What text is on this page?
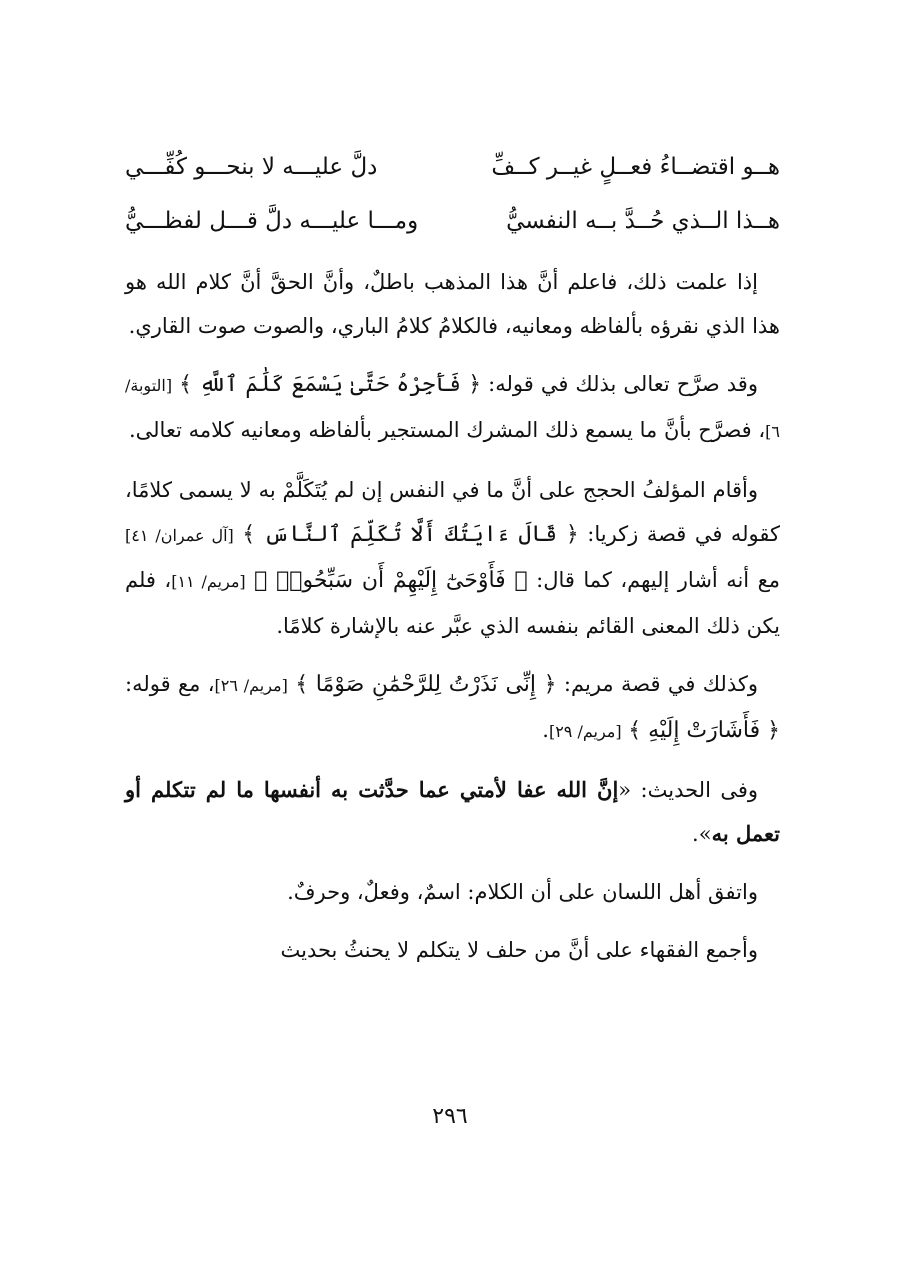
هــو اقتضــاءُ فعــلٍ غيــر كــفِّ
دلَّ عليـــه لا بنحـــو كُفِّـــي
هــذا الــذي حُــدَّ بــه النفسيُّ
ومـــا عليـــه دلَّ قـــل لفظـــيُّ

إذا علمت ذلك، فاعلم أنَّ هذا المذهب باطلٌ، وأنَّ الحقَّ أنَّ كلام الله هو هذا الذي نقرؤه بألفاظه ومعانيه، فالكلامُ كلامُ الباري، والصوت صوت القاري.

وقد صرَّح تعالى بذلك في قوله: ﴿ فَأَجِرْهُ حَتَّىٰ يَسْمَعَ كَلَٰمَ ٱللَّهِ ﴾ [التوبة/ ٦]، فصرَّح بأنَّ ما يسمع ذلك المشرك المستجير بألفاظه ومعانيه كلامه تعالى.

وأقام المؤلفُ الحجج على أنَّ ما في النفس إن لم يُتَكَلَّمْ به لا يسمى كلامًا، كقوله في قصة زكريا: ﴿ قَالَ ءَايَتُكَ أَلَّا تُكَلِّمَ ٱلنَّاسَ ﴾ [آل عمران/ ٤١] مع أنه أشار إليهم، كما قال: ﴿ فَأَوْحَىٰٓ إِلَيْهِمْ أَن سَبِّحُوا۟ ﴾ [مريم/ ١١]، فلم يكن ذلك المعنى القائم بنفسه الذي عبَّر عنه بالإشارة كلامًا.

وكذلك في قصة مريم: ﴿ إِنِّى نَذَرْتُ لِلرَّحْمَٰنِ صَوْمًا ﴾ [مريم/ ٢٦]، مع قوله: ﴿ فَأَشَارَتْ إِلَيْهِ ﴾ [مريم/ ٢٩].

وفى الحديث: «إنَّ الله عفا لأمتي عما حدَّثت به أنفسها ما لم تتكلم أو تعمل به».

واتفق أهل اللسان على أن الكلام: اسمٌ، وفعلٌ، وحرفٌ.

وأجمع الفقهاء على أنَّ من حلف لا يتكلم لا يحنثُ بحديث

٢٩٦
